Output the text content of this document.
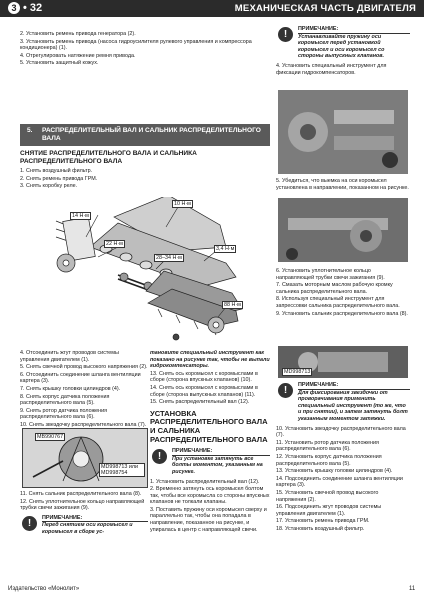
3 • 32	МЕХАНИЧЕСКАЯ ЧАСТЬ ДВИГАТЕЛЯ

2. Установить ремень привода генератора (2).

3. Установить ремень привода (насоса гидроусилителя рулевого управления и компрессора кондиционера) (1).

4. Отрегулировать натяжение ремня привода.

5. Установить защитный кожух.

5. РАСПРЕДЕЛИТЕЛЬНЫЙ ВАЛ И САЛЬНИК РАСПРЕДЕЛИТЕЛЬНОГО ВАЛА
СНЯТИЕ РАСПРЕДЕЛИТЕЛЬНОГО ВАЛА И САЛЬНИКА РАСПРЕДЕЛИТЕЛЬНОГО ВАЛА

1. Снять воздушный фильтр.

2. Снять ремень привода ГРМ.

3. Снять коробку реле.

10 Н·м
14 Н·м
3,4 Н·м
22 Н·м
28–34 Н·м
88 Н·м

4. Отсоединить жгут проводов системы управления двигателем (1).

5. Снять свечной провод высокого напряжения (2).

6. Отсоединить соединение шланга вентиляции картера (3).

7. Снять крышку головки цилиндров (4).

8. Снять корпус датчика положения распределительного вала (5).

9. Снять ротор датчика положения распределительного вала (6).

10. Снять звездочку распределительного вала (7).

MB990767
MD998713 или MD998754

11. Снять сальник распределительного вала (8).

12. Снять уплотнительное кольцо направляющей трубки свечи зажигания (9).

!	ПРИМЕЧАНИЕ:
Перед снятием оси коромысел и коромысел в сборе ус-

тановите специальный инструмент как показано на рисунке так, чтобы не выпали гидрокомпенсаторы.

13. Снять ось коромысел с коромыслами в сборе (сторона впускных клапанов) (10).

14. Снять ось коромысел с коромыслами в сборе (сторона выпускных клапанов) (11).

15. Снять распределительный вал (12).

УСТАНОВКА РАСПРЕДЕЛИТЕЛЬНОГО ВАЛА И САЛЬНИКА РАСПРЕДЕЛИТЕЛЬНОГО ВАЛА
!	ПРИМЕЧАНИЕ:
При установке затянуть все болты моментом, указанным на рисунке.

1. Установить распределительный вал (12).

2. Временно затянуть ось коромысел болтом так, чтобы все коромысла со стороны впускных клапанов не толкали клапаны.

3. Поставить пружину оси коромысел сверху и параллельно так, чтобы она попадала в направление, показанное на рисунке, и упиралась в центр с направляющей свечи.

!	ПРИМЕЧАНИЕ:
Устанавливайте пружину оси коромысел перед установкой коромысел и оси коромысел со стороны выпускных клапанов.

4. Установить специальный инструмент для фиксации гидрокомпенсаторов.

5. Убедиться, что выемка на оси коромысел установлена в направлении, показанном на рисунке.

6. Установить уплотнительное кольцо направляющей трубки свечи зажигания (9).

7. Смазать моторным маслом рабочую кромку сальника распределительного вала.

8. Используя специальный инструмент для запрессовки сальника распределительного вала.

9. Установить сальник распределительного вала (8).

MD998713
!	ПРИМЕЧАНИЕ:
Для фиксирования звездочки от проворачивания применить специальный инструмент (то же, что и при снятии), и затем затянуть болт указанным моментом затяжки.

10. Установить звездочку распределительного вала (7).

11. Установить ротор датчика положения распределительного вала (6).

12. Установить корпус датчика положения распределительного вала (5).

13. Установить крышку головки цилиндров (4).

14. Подсоединить соединение шланга вентиляции картера (3).

15. Установить свечной провод высокого напряжения (2).

16. Подсоединить жгут проводов системы управления двигателем (1).

17. Установить ремень привода ГРМ.

18. Установить воздушный фильтр.

Издательство «Монолит»	11
